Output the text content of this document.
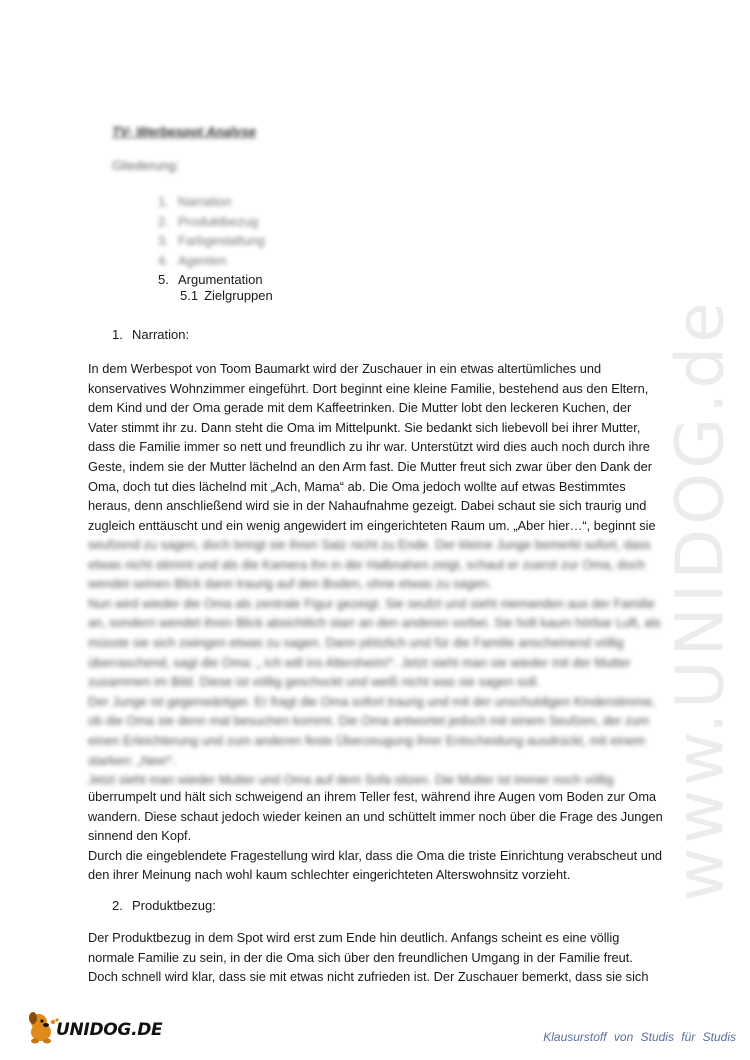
www.UNIDOG.de
TV- Werbespot Analyse
Gliederung:
1. Narration
2. Produktbezug
3. Farbgestaltung
4. Agenten
5. Argumentation
5.1 Zielgruppen
1. Narration:
In dem Werbespot von Toom Baumarkt wird der Zuschauer in ein etwas altertümliches und
konservatives Wohnzimmer eingeführt. Dort beginnt eine kleine Familie, bestehend aus den Eltern,
dem Kind und der Oma gerade mit dem Kaffeetrinken. Die Mutter lobt den leckeren Kuchen, der
Vater stimmt ihr zu. Dann steht die Oma im Mittelpunkt. Sie bedankt sich liebevoll bei ihrer Mutter,
dass die Familie immer so nett und freundlich zu ihr war. Unterstützt wird dies auch noch durch ihre
Geste, indem sie der Mutter lächelnd an den Arm fast. Die Mutter freut sich zwar über den Dank der
Oma, doch tut dies lächelnd mit „Ach, Mama“ ab. Die Oma jedoch wollte auf etwas Bestimmtes
heraus, denn anschließend wird sie in der Nahaufnahme gezeigt. Dabei schaut sie sich traurig und
zugleich enttäuscht und ein wenig angewidert im eingerichteten Raum um. „Aber hier…“, beginnt sie
seufzend zu sagen, doch bringt sie ihren Satz nicht zu Ende. Der kleine Junge bemerkt sofort, dass
etwas nicht stimmt und als die Kamera ihn in der Halbnahen zeigt, schaut er zuerst zur Oma, doch
wendet seinen Blick dann traurig auf den Boden, ohne etwas zu sagen.
Nun wird wieder die Oma als zentrale Figur gezeigt. Sie seufzt und sieht niemanden aus der Familie
an, sondern wendet ihren Blick absichtlich starr an den anderen vorbei. Sie holt kaum hörbar Luft, als
müsste sie sich zwingen etwas zu sagen. Dann plötzlich und für die Familie anscheinend völlig
überraschend, sagt die Oma: „ Ich will ins Altersheim!“. Jetzt sieht man sie wieder mit der Mutter
zusammen im Bild. Diese ist völlig geschockt und weiß nicht was sie sagen soll.
Der Junge ist gegenwärtiger. Er fragt die Oma sofort traurig und mit der unschuldigen Kinderstimme,
ob die Oma sie denn mal besuchen kommt. Die Oma antwortet jedoch mit einem Seufzen, der zum
einen Erleichterung und zum anderen feste Überzeugung ihrer Entscheidung ausdrückt, mit einem
starken: „Nee!“.
Jetzt sieht man wieder Mutter und Oma auf dem Sofa sitzen. Die Mutter ist immer noch völlig
überrumpelt und hält sich schweigend an ihrem Teller fest, während ihre Augen vom Boden zur Oma
wandern. Diese schaut jedoch wieder keinen an und schüttelt immer noch über die Frage des Jungen
sinnend den Kopf.
Durch die eingeblendete Fragestellung wird klar, dass die Oma die triste Einrichtung verabscheut und
den ihrer Meinung nach wohl kaum schlechter eingerichteten Alterswohnsitz vorzieht.
2. Produktbezug:
Der Produktbezug in dem Spot wird erst zum Ende hin deutlich. Anfangs scheint es eine völlig
normale Familie zu sein, in der die Oma sich über den freundlichen Umgang in der Familie freut.
Doch schnell wird klar, dass sie mit etwas nicht zufrieden ist. Der Zuschauer bemerkt, dass sie sich
UNIDOG.DE	Klausurstoff von Studis für Studis
